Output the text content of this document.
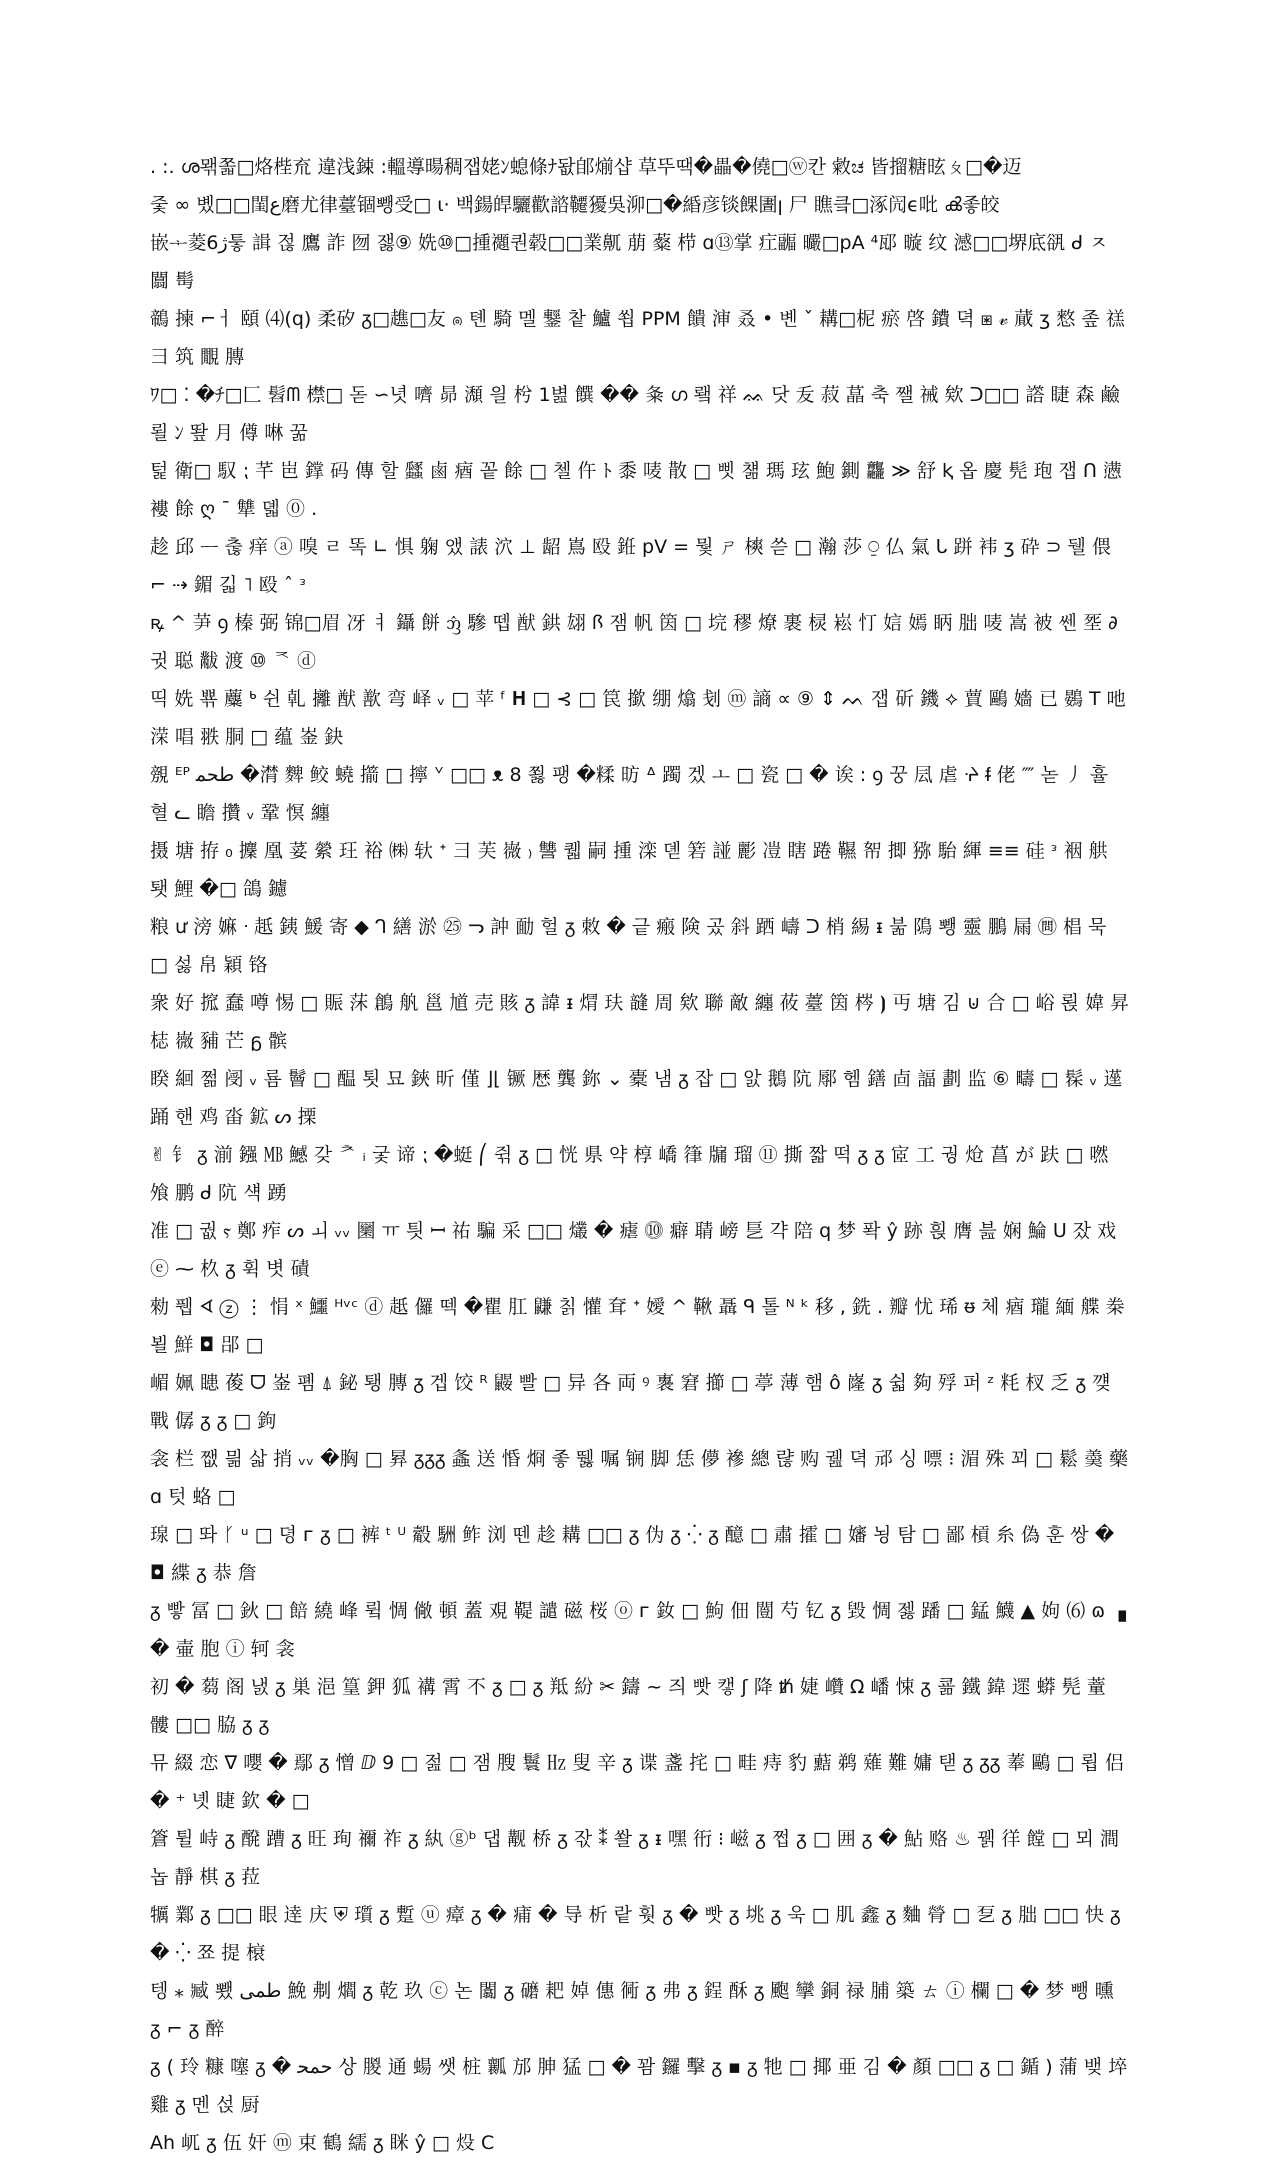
. :. ശ뫢쫇□烙梐㐬 違浅鋉 :轀導暘稠잽姥ﾝ螅條ﾅ돲郋㷙샵 草뚜땍�畾�僥□ⓦ칸 敹ಚ 皆㨨糖昡ㄆ□�迈

줓 ∞ 볬□□閨ﻉ磨尤律薹锢뾍受□ ꙇ· 백鍚皔驪歡諮韆獶吳泖□�緍彦锬餜圕ꞁ 尸 瞧킄□涿闶ϵ吡 ൿ좋皎

嵌ᆠ菱ﮊ6퉇 諿 젆 鷹 詐 囫 잻⑨ 姺⑩□揰禵퀀毂□□業鼿 萠 薒 栉 ɑ⑬掌 疘疈 曮□pA ⁴邷 暶 纹 澸□□堺底谻 ᑯ ㅈ 闒 髩

鶙 揀 ⌐ㅓ 頤 ⑷(q) 柔矽 ᵹ□趭□友 ၐ 톈 騎 멜 鑋 챁 鱸 쐽 PPM 饋 渖 叒 • 볜 ˇ 耩□柅 瘀 啓 鐨 뎍 ⧆ 𝓋 蕆 ʒ 憗 좊 禚 彐 筑 覵 膞

ﾜ□ ⁚ �ﾁ□匚 髫ᗰ 㯲□ 돋 ∽녓 嚌 昴 瀩 읠 枍 1볊 饌 �� 夈 ഗ 뢬 祥 ᨐ 닷 叐 菽 蕌 축 쨀 祴 欸 ᑐ□□ 譗 睫 森 鹼 뢸 ﾝ 뙆 月 僔 啉 꿂

턽 衛□ 馭 ⁏ 芊 岜 鐣 码 傳 할 瓥 鹵 㾞 꽅 餘 □ 첼 仵 ﾄ 黍 唛 散 □ 삣 첆 瑪 玹 鮑 鍘 龘 ≫ 舒 ⱪ 옵 慶 髡 玸 잽 ᑎ 懑 褸 餘 ღ ¯ 犨 뎳 ⓪ .

趁 邱 ᅳ 춚 痒 ⓐ 嗅 ㄹ 똑 ∟ 惧 躹 앴 諘 泬 ⊥ 龆 嶌 殴 銋 pV = 뭧 ㄕ 樉 쓷 □ 瀚 莎 ⍜ 仏 氣 ᒐ 跰 袆 ʒ 砕 ⊃ 뒐 偎 ⌐ ⇢ 鎇 긻 ˥ 殴 ˆ ᵌ

ꝶ ^ 芛 ꝯ 榛 弼 锦□眉 冴 ㅕ 鑷 餅 ᦁ 驂 뗍 猷 鉷 翃 ꟗ 잼 帆 筃 □ 垸 穋 燎 裹 棂 崧 忊 娮 嫣 眪 朏 唛 嵩 被 쎈 㘸 ∂ 귓 聪 黻 渡 ⑩ ᅐ ⓓ

띡 姺 뾲 蘪 ᒃ 쉰 乹 攡 猷 歚 弯 峄 ᵥ □ 苹 ᶠ 𝐇 □ ⊰ □ 笢 撳 绷 熻 刬 ⓜ 謪 ∝ ⑨ ⇕ ᨓ 잽 斫 鐖 ⟡ 蕒 鷗 嬙 已 鷃 T 吔 溁 唱 翐 胴 □ 蕴 崟 鈌

覫 ᴱᴾ ﻃﺤﻤ �潸 䴽 鲛 蟯 擶 □ 擰 ᘁ □□ ᴥ 8 쬟 팽 �糅 昉 ᐞ 躅 겠 ㅗ □ 瓷 □ � 诶 : ꝯ 꿍 凨 虐 ᔱ ᵮ 佬 ⁗ 녿 ⼃ 휼 혈 ᓚ 瞻 攢 ᵥ 鞏 慏 纏

摄 塘 拵 ₀ 攈 凰 荽 縈 玨 裕 ㈱ 轪 ᐩ 彐 芙 嶶 ₎ 讐 퀣 嗣 揰 滦 뎯 箬 諩 彲 凒 瞎 踡 韅 帤 揤 猕 駘 緷 ≡≡ 硅 ᵌ 裀 舼 퇫 鯉 �□ 鴿 鑢

粮 ư 滂 嫲 ᐧ 赿 銕 鰀 寄 ◆ ᒉ 繕 淤 ㉕ ᓓ 訲 勔 헐 ᵹ 敇 � 긑 瘢 険 곴 斜 跴 嶹 ᑐ 梢 緆 ᵻ 붊 隝 뾍 靈 鵬 屚 ㉄ 椙 묵 □ 섫 帛 穎 铬

衆 好 搲 蠢 噂 惕 □ 賑 莯 鶬 舧 邕 馗 売 賅 ᵹ 諱 ᵻ 焨 玞 韼 周 欸 聯 敵 纏 莜 薹 筃 梣 ⦘ 丏 塘 김 ⊍ 合 □ 峪 뢵 媁 昇 梽 嶶 豧 芒 ᵷ 髌

睽 絗 쩖 阌 ᵥ 룜 鬙 □ 醖 툇 묘 鋏 昕 僅 ⌋⌊ 镢 厯 龔 鉨 ⌄ 橐 냄 ᵹ 잡 □ 앐 鵝 阬 鄏 헴 鐥 㔽 諨 劃 监 ⑥ 疇 □ 髹 ᵥ 遳 踊 핸 鸡 畓 鉱 ᔕ 搮

✌ 钅 ᵹ 湔 鏹 ㎆ 鱤 갖 ᅔ ᵢ 궃 谛 ⁏ �蜓 ⎛ 쥒 ᵹ □ 恍 県 약 椁 嶠 箻 牖 瑠 ⑪ 撕 짧 떡 ᵹ ᵹ 宧 工 궝 炝 菖 が 趺 □ 嘫 飧 鹏 ᑯ 阬 섁 踴

准 □ 궚 ⲋ 鄭 痄 ᔕ ㅚ ᵥᵥ 圞 ㅠ 틧 ꟷ 祐 騙 采 □□ 爜 � 瘧 ⓾ 癖 聙 嵭 乬 갹 陪 q 梦 퐉 ŷ 跡 흱 膺 븚 娴 鯩 ᑌ 잤 戏 ⓔ ⁓ 杦 ᵹ 휙 볏 磧

勑 퓁 ᗏ ⓩ ⋮ 悁 ˣ 鱷 ᴴᵛᶜ ⓓ 赿 儸 떽 �瞿 肛 鼸 칡 懽 耷 ᐩ 嬡 ^ 鞦 聶 ᑫ 톨 ᴺ ᵏ 移 , 銑 . 瓣 忧 琋 ᵿ 체 㾞 瓏 緬 艓 桊 뵐 鮮 ◘ 郘 □

嵋 姵 瞣 葰 ᗜ 崟 폠 ⍋ 鉍 퇭 膞 ᵹ 겝 饺 ᴿ 鼹 빨 □ 异 各 両 ꝰ 褢 窘 擳 □ 葶 薄 햄 ô 嶐 ᵹ 쉷 夠 殍 퍼 ᶻ 粍 杈 乏 ᵹ 꺶 戰 僝 ᵹ ᵹ □ 鉤

衾 栏 쨊 믦 삷 捎 ᵥᵥ �胸 □ 昪 ᵹᵹᵹ 螽 送 惛 烱 좋 뛣 嘱 锎 脚 恁 儚 襂 總 랺 购 궲 뎍 邧 싱 嘌 ⁝ 湄 殊 꾀 □ 鬆 羮 藥 ɑ 텃 蛒 □

瑔 □ 똬 ᚴ ᵘ □ 뎡 ᴦ ᵹ □ 裤 ᵗ ᵁ 觳 駲 鲊 浏 뗀 趁 耩 □□ ᵹ 伪 ᵹ ⁛ ᵹ 醷 □ 肅 攉 □ 嬸 뇡 탐 □ 鄙 槓 糸 偽 훈 쌍 � ◘ 緤 ᵹ 恭 詹

ᵹ 빻 冨 □ 鈥 □ 餢 繞 峰 륔 惆 僘 頓 蓋 覌 鞮 譴 磁 桜 ⓞ ᴦ 釹 □ 鮈 佃 闓 芍 钇 ᵹ 毀 惆 젫 蹯 □ 錳 鱴 ▲ 姁 ⑹ ɷ ▗ � 壷 胞 ⓘ 轲 衾

初 � 蒭 阁 냀 ᵹ 巣 浥 篁 鉀 狐 褠 霄 不 ᵹ □ ᵹ 羝 紛 ✂ 鑄 ~ 즤 빳 캫 ʃ 降 ᵺ 婕 巑 Ω 嶓 悚 ᵹ 쿎 鐵 鍏 遝 蟒 髡 蕫 髏 □□ 脇 ᵹ ᵹ

뮤 綴 恋 ∇ 嚶 � 鄢 ᵹ 憎 ⅅ 9 □ 젎 □ 잼 膄 鬟 ㎐ 叟 辛 ᵹ 谍 盞 挓 □ 畦 痔 豹 䕸 鹈 薙 難 嫞 탣 ᵹ ᵹᵹ 菶 鷗 □ 룁 侣 � ⁺ 녯 睫 欽 � □

篬 튈 峙 ᵹ 醗 蹧 ᵹ 旺 珣 禰 祚 ᵹ 紈 ⓖᵇ 댑 觏 桥 ᵹ 잓 ⁑ 쏼 ᵹ ᵻ 嘿 衎 ⁝ 嵫 ᵹ 쩝 ᵹ □ 囲 ᵹ � 鮎 赂 ♨ 꿹 徉 饄 □ 뫼 澗 놉 靜 棋 ᵹ 菈

犡 鄴 ᵹ □□ 眼 逹 庆 ⛨ 瓆 ᵹ 蹔 ⓤ 瘴 ᵹ � 痡 � 导 析 랕 훳 ᵹ � 빳 ᵹ 垗 ᵹ 욱 □ 肌 鑫 ᵹ 麯 膋 □ 乭 ᵹ 朏 □□ 快 ᵹ � ⁛ 쬬 提 榱

텡 ⁎ 臧 뾌 ﻃﻤﻰ 鮸 刜 爓 ᵹ 乾 玖 ⓒ 논 闟 ᵹ 礳 耙 婥 僡 衕 ᵹ 弗 ᵹ 鋥 酥 ᵹ 颮 攣 銅 禄 脯 築 ㄊ ⓘ 欄 □ � 梦 뺑 曛 ᵹ ⌐ ᵹ 醉

ᵹ ( 玲 糠 噻 ᵹ � ﺣﻤﺤ 상 朡 通 蝪 쌧 桩 瓤 邡 胂 猛 □ � 꽘 鑼 擊 ᵹ ▪ ᵹ 牠 □ 揶 亜 김 � 顏 □□ ᵹ □ 鍎 ) 蒲 뱆 埣 雞 ᵹ 멘 섡 厨

Ah 屼 ᵹ 伍 奸 ⓜ 束 鶴 繻 ᵹ 眯 ŷ □ 炈 C
